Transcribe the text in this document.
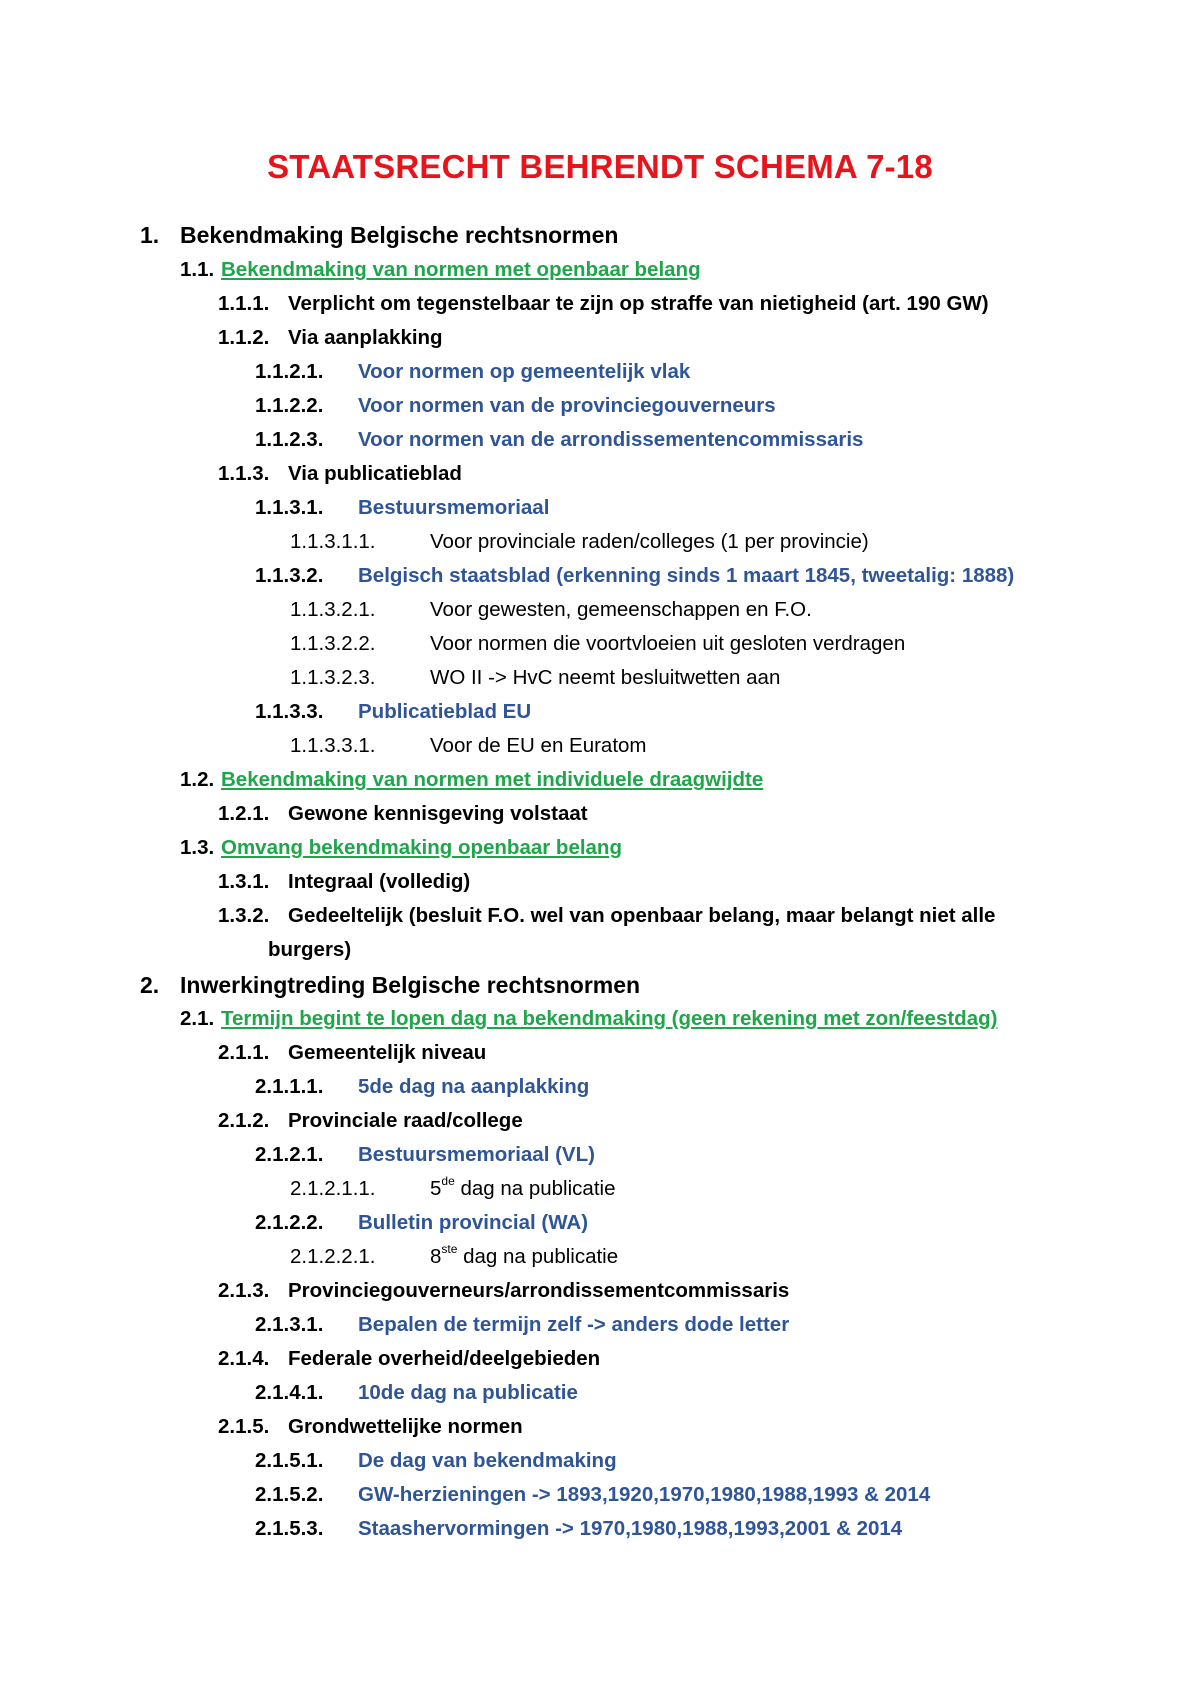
STAATSRECHT BEHRENDT SCHEMA 7-18
1. Bekendmaking Belgische rechtsnormen
1.1. Bekendmaking van normen met openbaar belang
1.1.1. Verplicht om tegenstelbaar te zijn op straffe van nietigheid (art. 190 GW)
1.1.2. Via aanplakking
1.1.2.1. Voor normen op gemeentelijk vlak
1.1.2.2. Voor normen van de provinciegouverneurs
1.1.2.3. Voor normen van de arrondissementencommissaris
1.1.3. Via publicatieblad
1.1.3.1. Bestuursmemoriaal
1.1.3.1.1.	Voor provinciale raden/colleges (1 per provincie)
1.1.3.2. Belgisch staatsblad (erkenning sinds 1 maart 1845, tweetalig: 1888)
1.1.3.2.1.	Voor gewesten, gemeenschappen en F.O.
1.1.3.2.2.	Voor normen die voortvloeien uit gesloten verdragen
1.1.3.2.3.	WO II -> HvC neemt besluitwetten aan
1.1.3.3. Publicatieblad EU
1.1.3.3.1.	Voor de EU en Euratom
1.2. Bekendmaking van normen met individuele draagwijdte
1.2.1. Gewone kennisgeving volstaat
1.3. Omvang bekendmaking openbaar belang
1.3.1. Integraal (volledig)
1.3.2. Gedeeltelijk (besluit F.O. wel van openbaar belang, maar belangt niet alle
burgers)
2. Inwerkingtreding Belgische rechtsnormen
2.1. Termijn begint te lopen dag na bekendmaking (geen rekening met zon/feestdag)
2.1.1. Gemeentelijk niveau
2.1.1.1. 5de dag na aanplakking
2.1.2. Provinciale raad/college
2.1.2.1. Bestuursmemoriaal (VL)
2.1.2.1.1.	5de dag na publicatie
2.1.2.2. Bulletin provincial (WA)
2.1.2.2.1.	8ste dag na publicatie
2.1.3. Provinciegouverneurs/arrondissementcommissaris
2.1.3.1. Bepalen de termijn zelf -> anders dode letter
2.1.4. Federale overheid/deelgebieden
2.1.4.1. 10de dag na publicatie
2.1.5. Grondwettelijke normen
2.1.5.1. De dag van bekendmaking
2.1.5.2. GW-herzieningen -> 1893,1920,1970,1980,1988,1993 & 2014
2.1.5.3. Staashervormingen -> 1970,1980,1988,1993,2001 & 2014
